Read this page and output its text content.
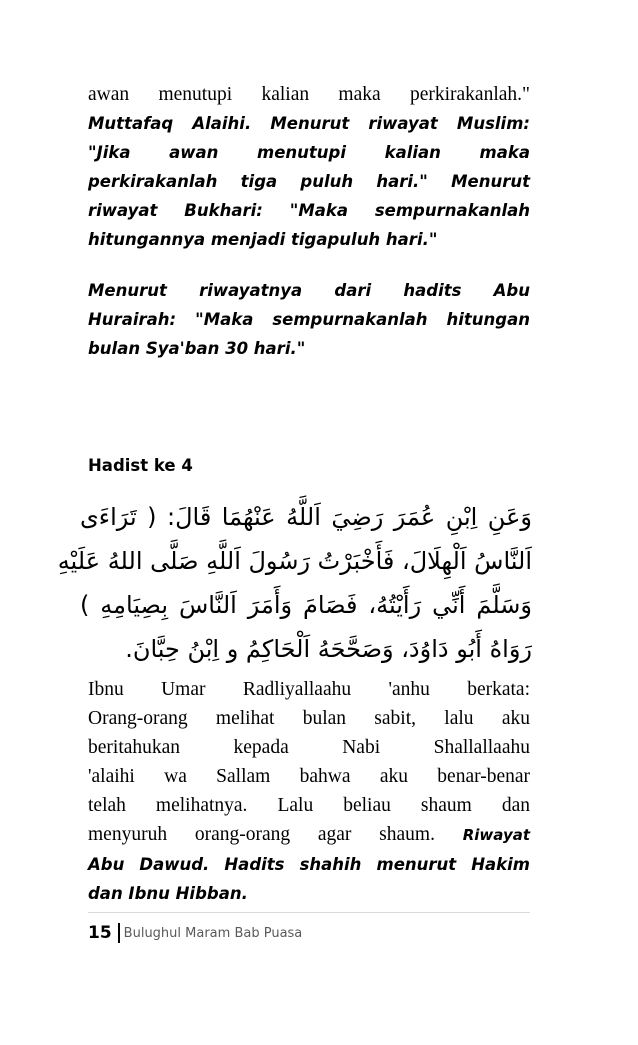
awan menutupi kalian maka perkirakanlah."
Muttafaq Alaihi. Menurut riwayat Muslim:
"Jika awan menutupi kalian maka
perkirakanlah tiga puluh hari." Menurut
riwayat Bukhari: "Maka sempurnakanlah
hitungannya menjadi tigapuluh hari."
Menurut riwayatnya dari hadits Abu
Hurairah: "Maka sempurnakanlah hitungan
bulan Sya'ban 30 hari."
Hadist ke 4
وَعَنِ اِبْنِ عُمَرَ رَضِيَ اَللَّهُ عَنْهُمَا قَالَ: ( تَرَاءَى
اَلنَّاسُ اَلْهِلَالَ، فَأَخْبَرْتُ رَسُولَ اَللَّهِ صَلَّى اللهُ عَلَيْهِ
وَسَلَّمَ أَنِّي رَأَيْتُهُ، فَصَامَ وَأَمَرَ اَلنَّاسَ بِصِيَامِهِ )
رَوَاهُ أَبُو دَاوُدَ، وَصَحَّحَهُ اَلْحَاكِمُ و اِبْنُ حِبَّانَ.
Ibnu Umar Radliyallaahu 'anhu berkata:
Orang-orang melihat bulan sabit, lalu aku
beritahukan kepada Nabi Shallallaahu
'alaihi wa Sallam bahwa aku benar-benar
telah melihatnya. Lalu beliau shaum dan
menyuruh orang-orang agar shaum. Riwayat
Abu Dawud. Hadits shahih menurut Hakim
dan Ibnu Hibban.
15 Bulughul Maram Bab Puasa
